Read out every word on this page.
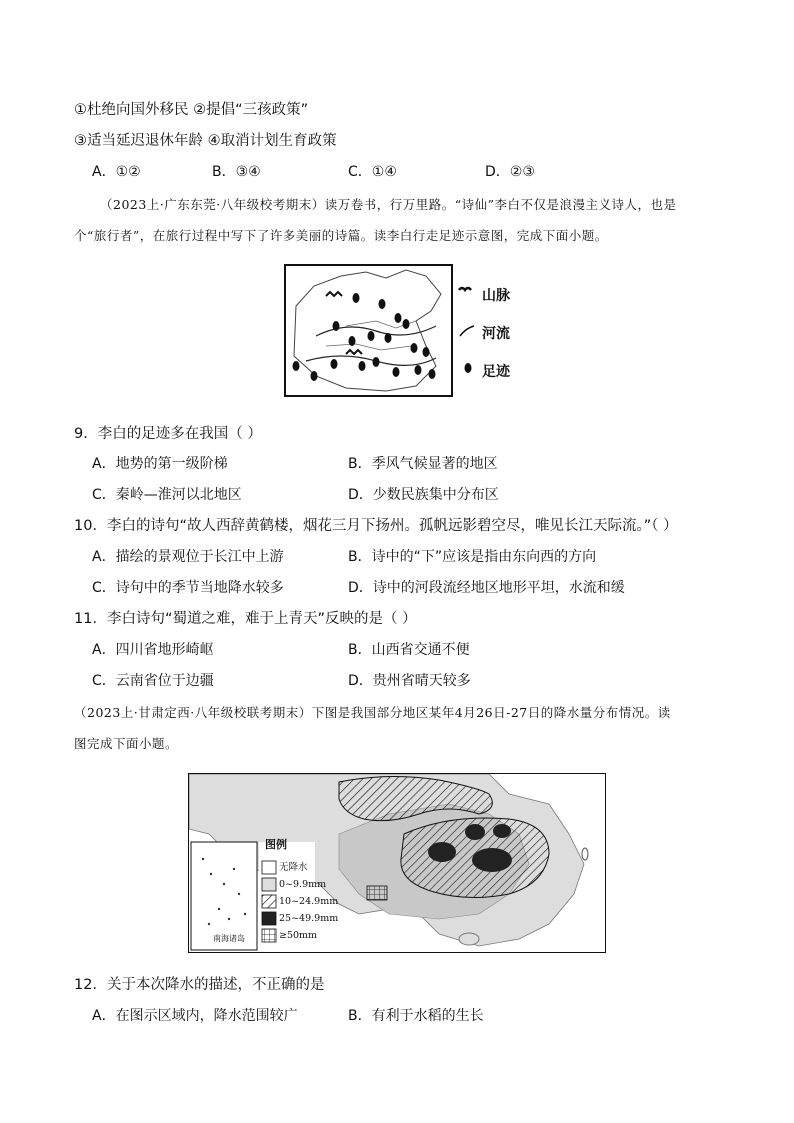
①杜绝向国外移民 ②提倡“三孩政策”
③适当延迟退休年龄 ④取消计划生育政策
A．①②	B．③④	C．①④	D．②③
（2023上·广东东莞·八年级校考期末）读万卷书，行万里路。“诗仙”李白不仅是浪漫主义诗人，也是
个“旅行者”，在旅行过程中写下了许多美丽的诗篇。读李白行走足迹示意图，完成下面小题。
山脉
河流
足迹
9．李白的足迹多在我国（ ）
A．地势的第一级阶梯	B．季风气候显著的地区
C．秦岭—淮河以北地区	D．少数民族集中分布区
10．李白的诗句“故人西辞黄鹤楼，烟花三月下扬州。孤帆远影碧空尽，唯见长江天际流。”（ ）
A．描绘的景观位于长江中上游	B．诗中的“下”应该是指由东向西的方向
C．诗句中的季节当地降水较多	D．诗中的河段流经地区地形平坦，水流和缓
11．李白诗句“蜀道之难，难于上青天”反映的是（ ）
A．四川省地形崎岖	B．山西省交通不便
C．云南省位于边疆	D．贵州省晴天较多
（2023上·甘肃定西·八年级校联考期末）下图是我国部分地区某年4月26日-27日的降水量分布情况。读
图完成下面小题。
图例
无降水
0~9.9mm
10~24.9mm
25~49.9mm
≥50mm
南海诸岛
12．关于本次降水的描述，不正确的是
A．在图示区域内，降水范围较广	B．有利于水稻的生长
